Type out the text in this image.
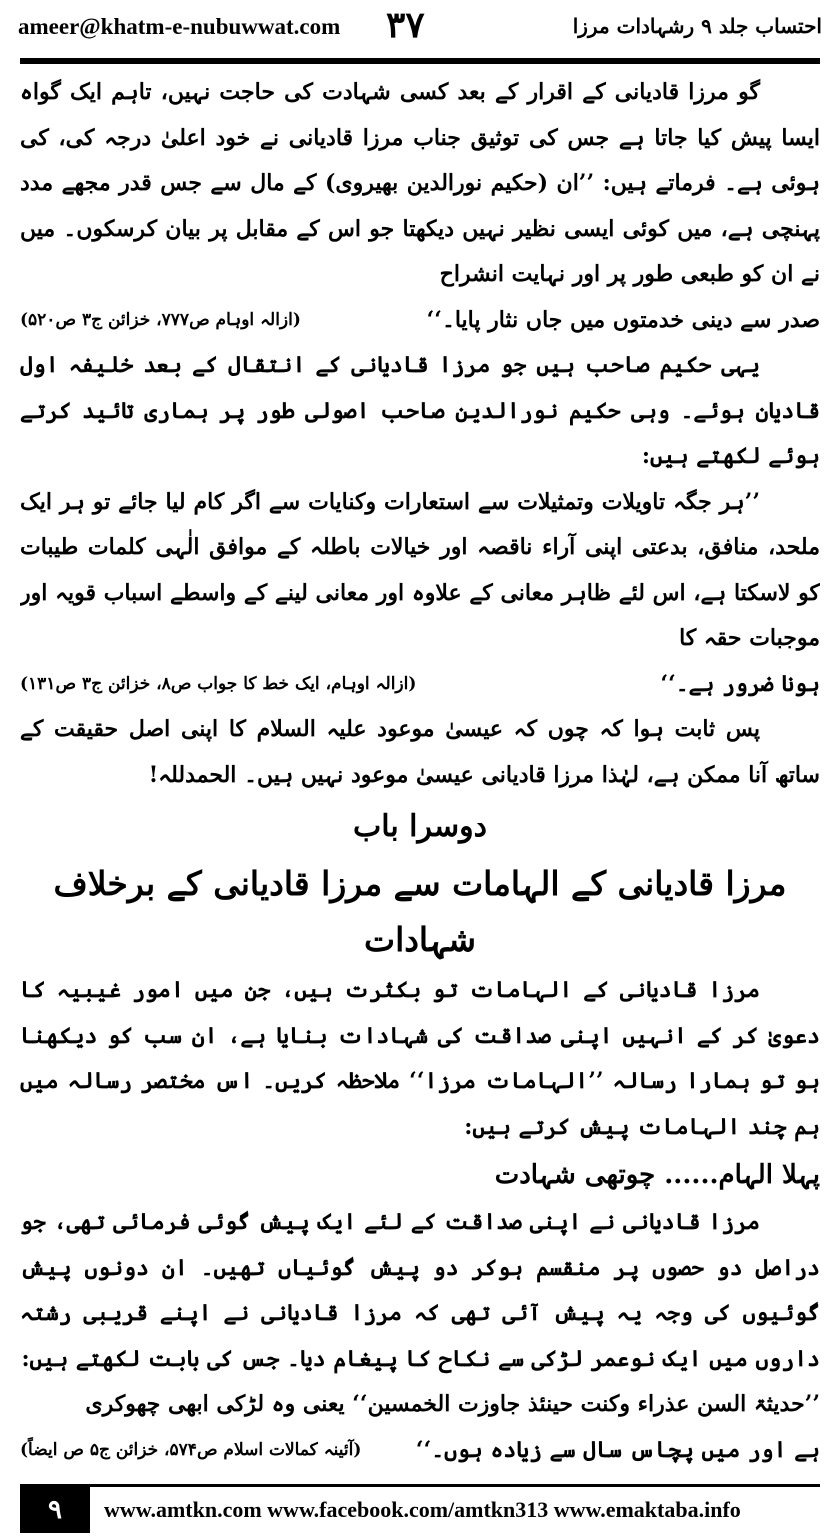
ameer@khatm-e-nubuwwat.com ۳۷	احتساب جلد ۹ رشہادات مرزا

گو مرزا قادیانی کے اقرار کے بعد کسی شہادت کی حاجت نہیں، تاہم ایک گواہ ایسا پیش کیا جاتا ہے جس کی توثیق جناب مرزا قادیانی نے خود اعلیٰ درجہ کی، کی ہوئی ہے۔ فرماتے ہیں: ’’ان (حکیم نورالدین بھیروی) کے مال سے جس قدر مجھے مدد پہنچی ہے، میں کوئی ایسی نظیر نہیں دیکھتا جو اس کے مقابل پر بیان کرسکوں۔ میں نے ان کو طبعی طور پر اور نہایت انشراح

صدر سے دینی خدمتوں میں جاں نثار پایا۔‘‘
(ازالہ اوہام ص۷۷۷، خزائن ج۳ ص۵۲۰)

یہی حکیم صاحب ہیں جو مرزا قادیانی کے انتقال کے بعد خلیفہ اول قادیان ہوئے۔ وہی حکیم نورالدین صاحب اصولی طور پر ہماری تائید کرتے ہوئے لکھتے ہیں:

’’ہر جگہ تاویلات وتمثیلات سے استعارات وکنایات سے اگر کام لیا جائے تو ہر ایک ملحد، منافق، بدعتی اپنی آراء ناقصہ اور خیالات باطلہ کے موافق الٰہی کلمات طیبات کو لاسکتا ہے، اس لئے ظاہر معانی کے علاوہ اور معانی لینے کے واسطے اسباب قویہ اور موجبات حقہ کا

ہونا ضرور ہے۔‘‘
(ازالہ اوہام، ایک خط کا جواب ص۸، خزائن ج۳ ص۱۳۱)

پس ثابت ہوا کہ چوں کہ عیسیٰ موعود علیہ السلام کا اپنی اصل حقیقت کے ساتھ آنا ممکن ہے، لہٰذا مرزا قادیانی عیسیٰ موعود نہیں ہیں۔ الحمدللہ!

دوسرا باب

مرزا قادیانی کے الہامات سے مرزا قادیانی کے برخلاف شہادات

مرزا قادیانی کے الہامات تو بکثرت ہیں، جن میں امور غیبیہ کا دعویٰ کر کے انہیں اپنی صداقت کی شہادات بنایا ہے، ان سب کو دیکھنا ہو تو ہمارا رسالہ ’’الہامات مرزا‘‘ ملاحظہ کریں۔ اس مختصر رسالہ میں ہم چند الہامات پیش کرتے ہیں:

پہلا الہام...... چوتھی شہادت

مرزا قادیانی نے اپنی صداقت کے لئے ایک پیش گوئی فرمائی تھی، جو دراصل دو حصوں پر منقسم ہوکر دو پیش گوئیاں تھیں۔ ان دونوں پیش گوئیوں کی وجہ یہ پیش آئی تھی کہ مرزا قادیانی نے اپنے قریبی رشتہ داروں میں ایک نوعمر لڑکی سے نکاح کا پیغام دیا۔ جس کی بابت لکھتے ہیں:

’’حدیثۃ السن عذراء وکنت حینئذ جاوزت الخمسین‘‘ یعنی وہ لڑکی ابھی چھوکری

ہے اور میں پچاس سال سے زیادہ ہوں۔‘‘
(آئینہ کمالات اسلام ص۵۷۴، خزائن ج۵ ص ایضاً)
۹	www.amtkn.com www.facebook.com/amtkn313 www.emaktaba.info
